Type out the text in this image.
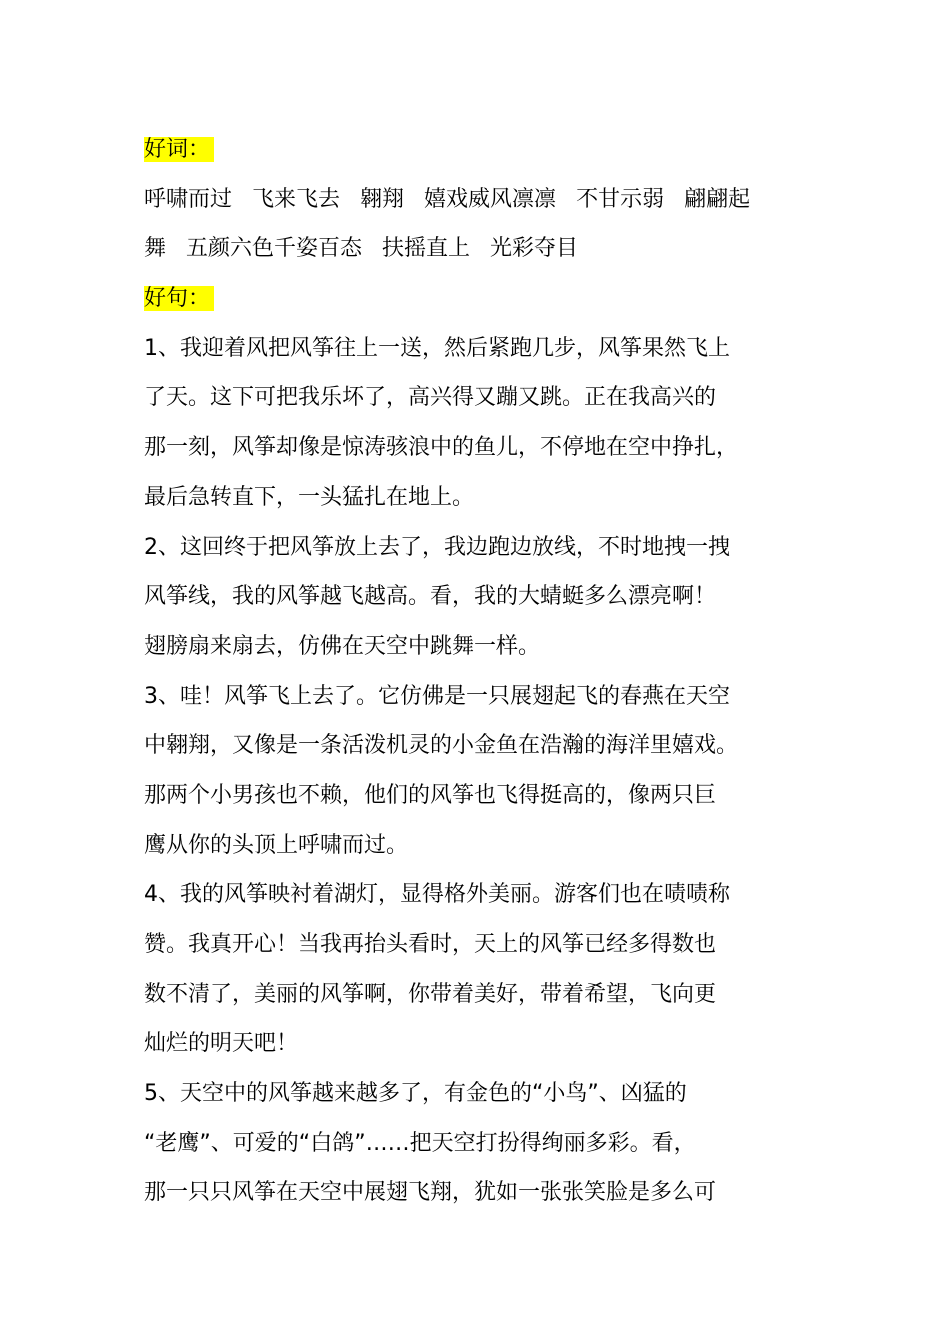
好词：
呼啸而过 飞来飞去 翱翔 嬉戏威风凛凛 不甘示弱 翩翩起
舞 五颜六色千姿百态 扶摇直上 光彩夺目
好句：
1、我迎着风把风筝往上一送，然后紧跑几步，风筝果然飞上
了天。这下可把我乐坏了，高兴得又蹦又跳。正在我高兴的
那一刻，风筝却像是惊涛骇浪中的鱼儿，不停地在空中挣扎，
最后急转直下，一头猛扎在地上。
2、这回终于把风筝放上去了，我边跑边放线，不时地拽一拽
风筝线，我的风筝越飞越高。看，我的大蜻蜓多么漂亮啊！
翅膀扇来扇去，仿佛在天空中跳舞一样。
3、哇！风筝飞上去了。它仿佛是一只展翅起飞的春燕在天空
中翱翔，又像是一条活泼机灵的小金鱼在浩瀚的海洋里嬉戏。
那两个小男孩也不赖，他们的风筝也飞得挺高的，像两只巨
鹰从你的头顶上呼啸而过。
4、我的风筝映衬着湖灯，显得格外美丽。游客们也在啧啧称
赞。我真开心！当我再抬头看时，天上的风筝已经多得数也
数不清了，美丽的风筝啊，你带着美好，带着希望，飞向更
灿烂的明天吧！
5、天空中的风筝越来越多了，有金色的“小鸟”、凶猛的
“老鹰”、可爱的“白鸽”……把天空打扮得绚丽多彩。看，
那一只只风筝在天空中展翅飞翔，犹如一张张笑脸是多么可
